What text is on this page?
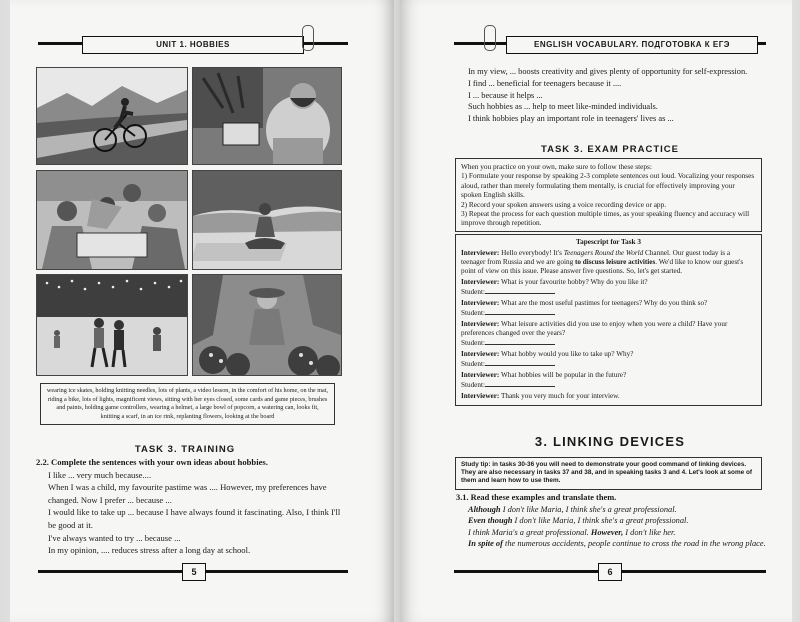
UNIT 1. HOBBIES
wearing ice skates, holding knitting needles, lots of plants, a video lesson, in the comfort of his home, on the mat, riding a bike, lots of lights, magnificent views, sitting with her eyes closed, some cards and game pieces, brushes and paints, holding game controllers, wearing a helmet, a large bowl of popcorn, a watering can, looks fit, knitting a scarf, in an ice rink, replanting flowers, looking at the board
TASK 3. TRAINING

2.2. Complete the sentences with your own ideas about hobbies.

I like ... very much because....

When I was a child, my favourite pastime was .... However, my preferences have changed. Now I prefer ... because ...

I would like to take up ... because I have always found it fascinating. Also, I think I'll be good at it.

I've always wanted to try ... because ...

In my opinion, .... reduces stress after a long day at school.

5
ENGLISH VOCABULARY. ПОДГОТОВКА К ЕГЭ

In my view, ... boosts creativity and gives plenty of opportunity for self-expression.

I find ... beneficial for teenagers because it ....

I ... because it helps ...

Such hobbies as ... help to meet like-minded individuals.

I think hobbies play an important role in teenagers' lives as ...

TASK 3. EXAM PRACTICE

When you practice on your own, make sure to follow these steps:

1) Formulate your response by speaking 2-3 complete sentences out loud. Vocalizing your responses aloud, rather than merely formulating them mentally, is crucial for effectively improving your spoken English skills.

2) Record your spoken answers using a voice recording device or app.

3) Repeat the process for each question multiple times, as your speaking fluency and accuracy will improve through repetition.

Tapescript for Task 3

Interviewer: Hello everybody! It's Teenagers Round the World Channel. Our guest today is a teenager from Russia and we are going to discuss leisure activities. We'd like to know our guest's point of view on this issue. Please answer five questions. So, let's get started.

Interviewer: What is your favourite hobby? Why do you like it?
Student:

Interviewer: What are the most useful pastimes for teenagers? Why do you think so?
Student:

Interviewer: What leisure activities did you use to enjoy when you were a child? Have your preferences changed over the years?
Student:

Interviewer: What hobby would you like to take up? Why?
Student:

Interviewer: What hobbies will be popular in the future?
Student:

Interviewer: Thank you very much for your interview.

3. LINKING DEVICES
Study tip: in tasks 30-36 you will need to demonstrate your good command of linking devices. They are also necessary in tasks 37 and 38, and in speaking tasks 3 and 4. Let's look at some of them and learn how to use them.

3.1. Read these examples and translate them.

Although I don't like Maria, I think she's a great professional.

Even though I don't like Maria, I think she's a great professional.

I think Maria's a great professional. However, I don't like her.

In spite of the numerous accidents, people continue to cross the road in the wrong place.

6
